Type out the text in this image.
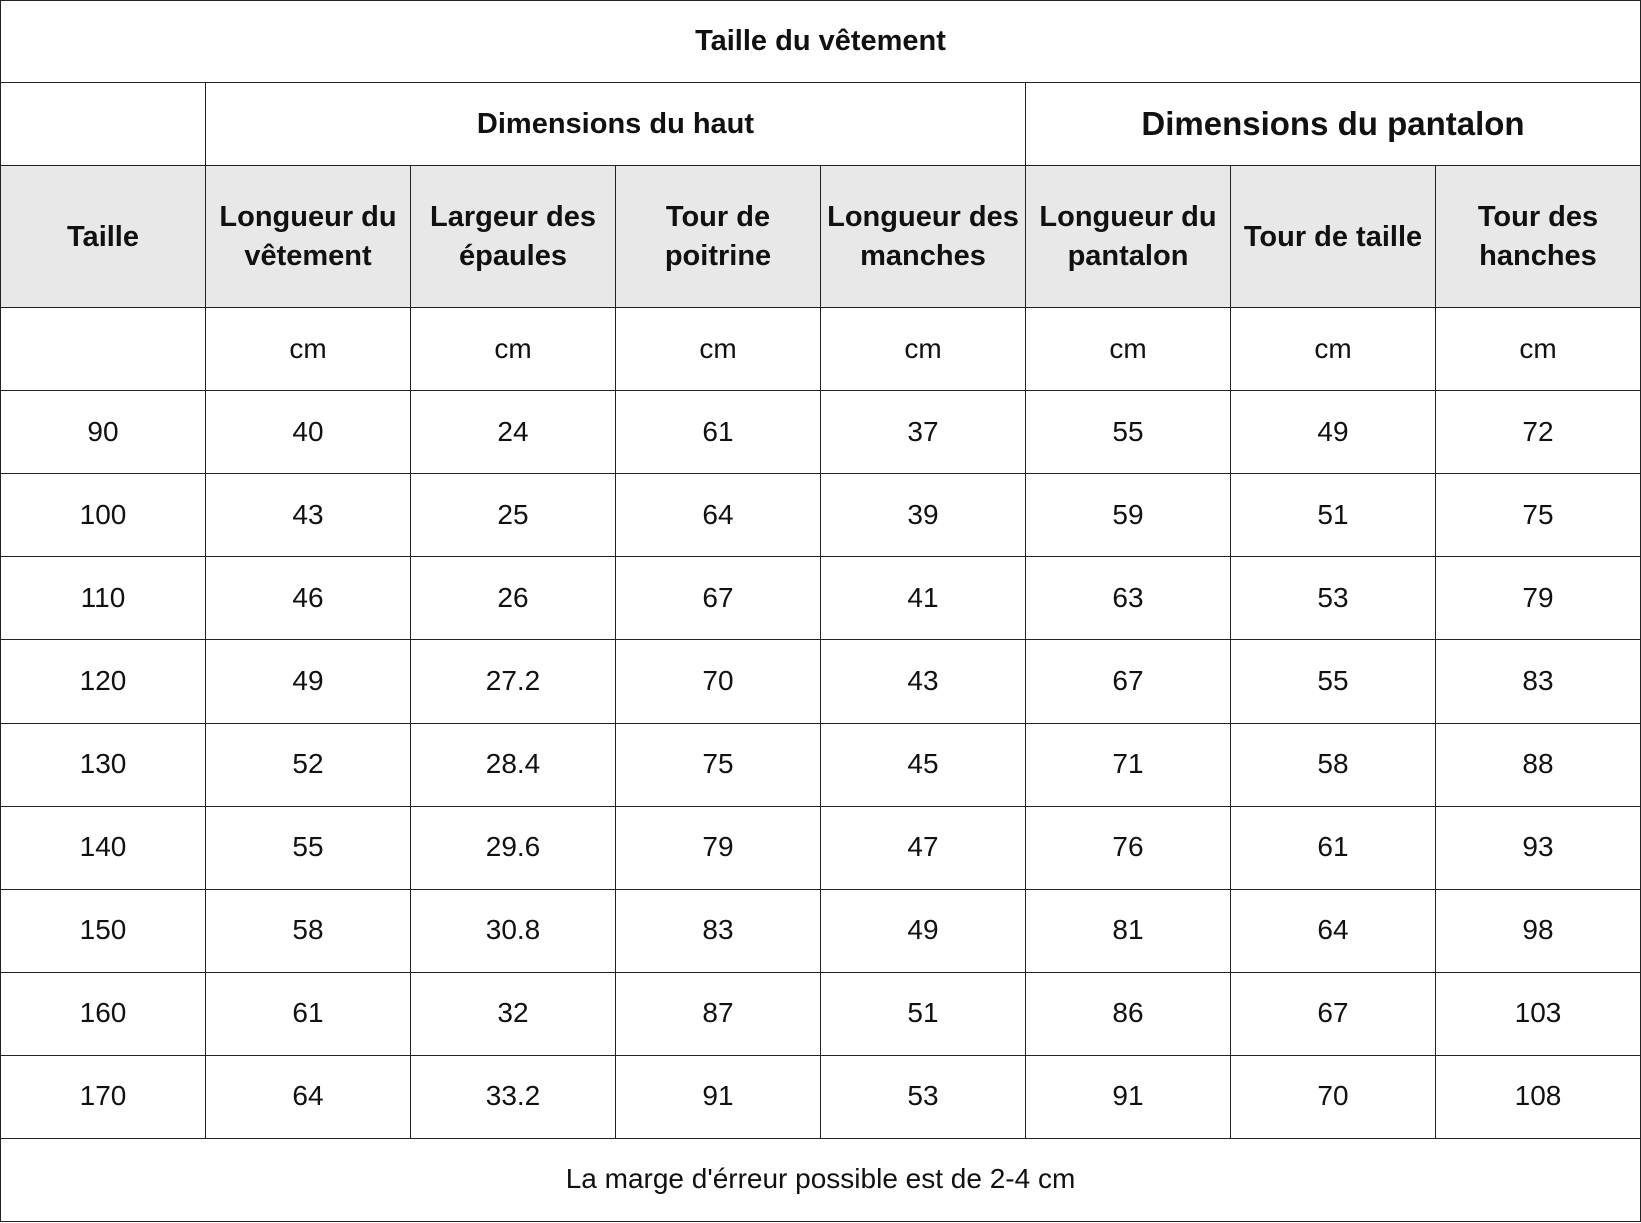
Taille du vêtement							
	Dimensions du haut				Dimensions du pantalon		
Taille	Longueur du vêtement	Largeur des épaules	Tour de poitrine	Longueur des manches	Longueur du pantalon	Tour de taille	Tour des hanches
	cm	cm	cm	cm	cm	cm	cm
90	40	24	61	37	55	49	72
100	43	25	64	39	59	51	75
110	46	26	67	41	63	53	79
120	49	27.2	70	43	67	55	83
130	52	28.4	75	45	71	58	88
140	55	29.6	79	47	76	61	93
150	58	30.8	83	49	81	64	98
160	61	32	87	51	86	67	103
170	64	33.2	91	53	91	70	108
La marge d'érreur possible est de 2-4 cm							
